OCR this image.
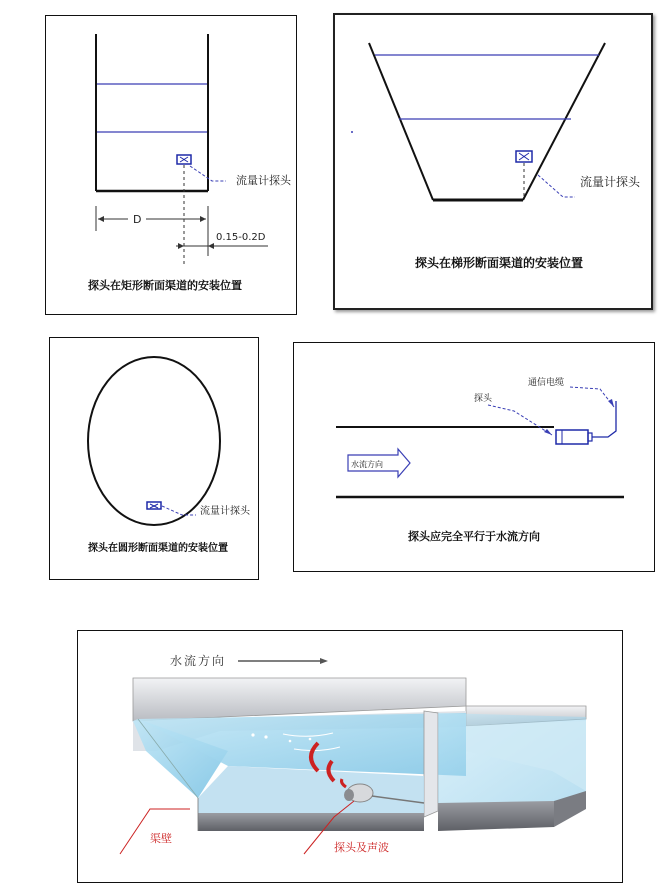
流量计探头
D
0.15-0.2D
探头在矩形断面渠道的安装位置
流量计探头
探头在梯形断面渠道的安装位置
流量计探头
探头在圆形断面渠道的安装位置
通信电缆
探头
水流方向
探头应完全平行于水流方向
水流方向
渠壁
探头及声波
